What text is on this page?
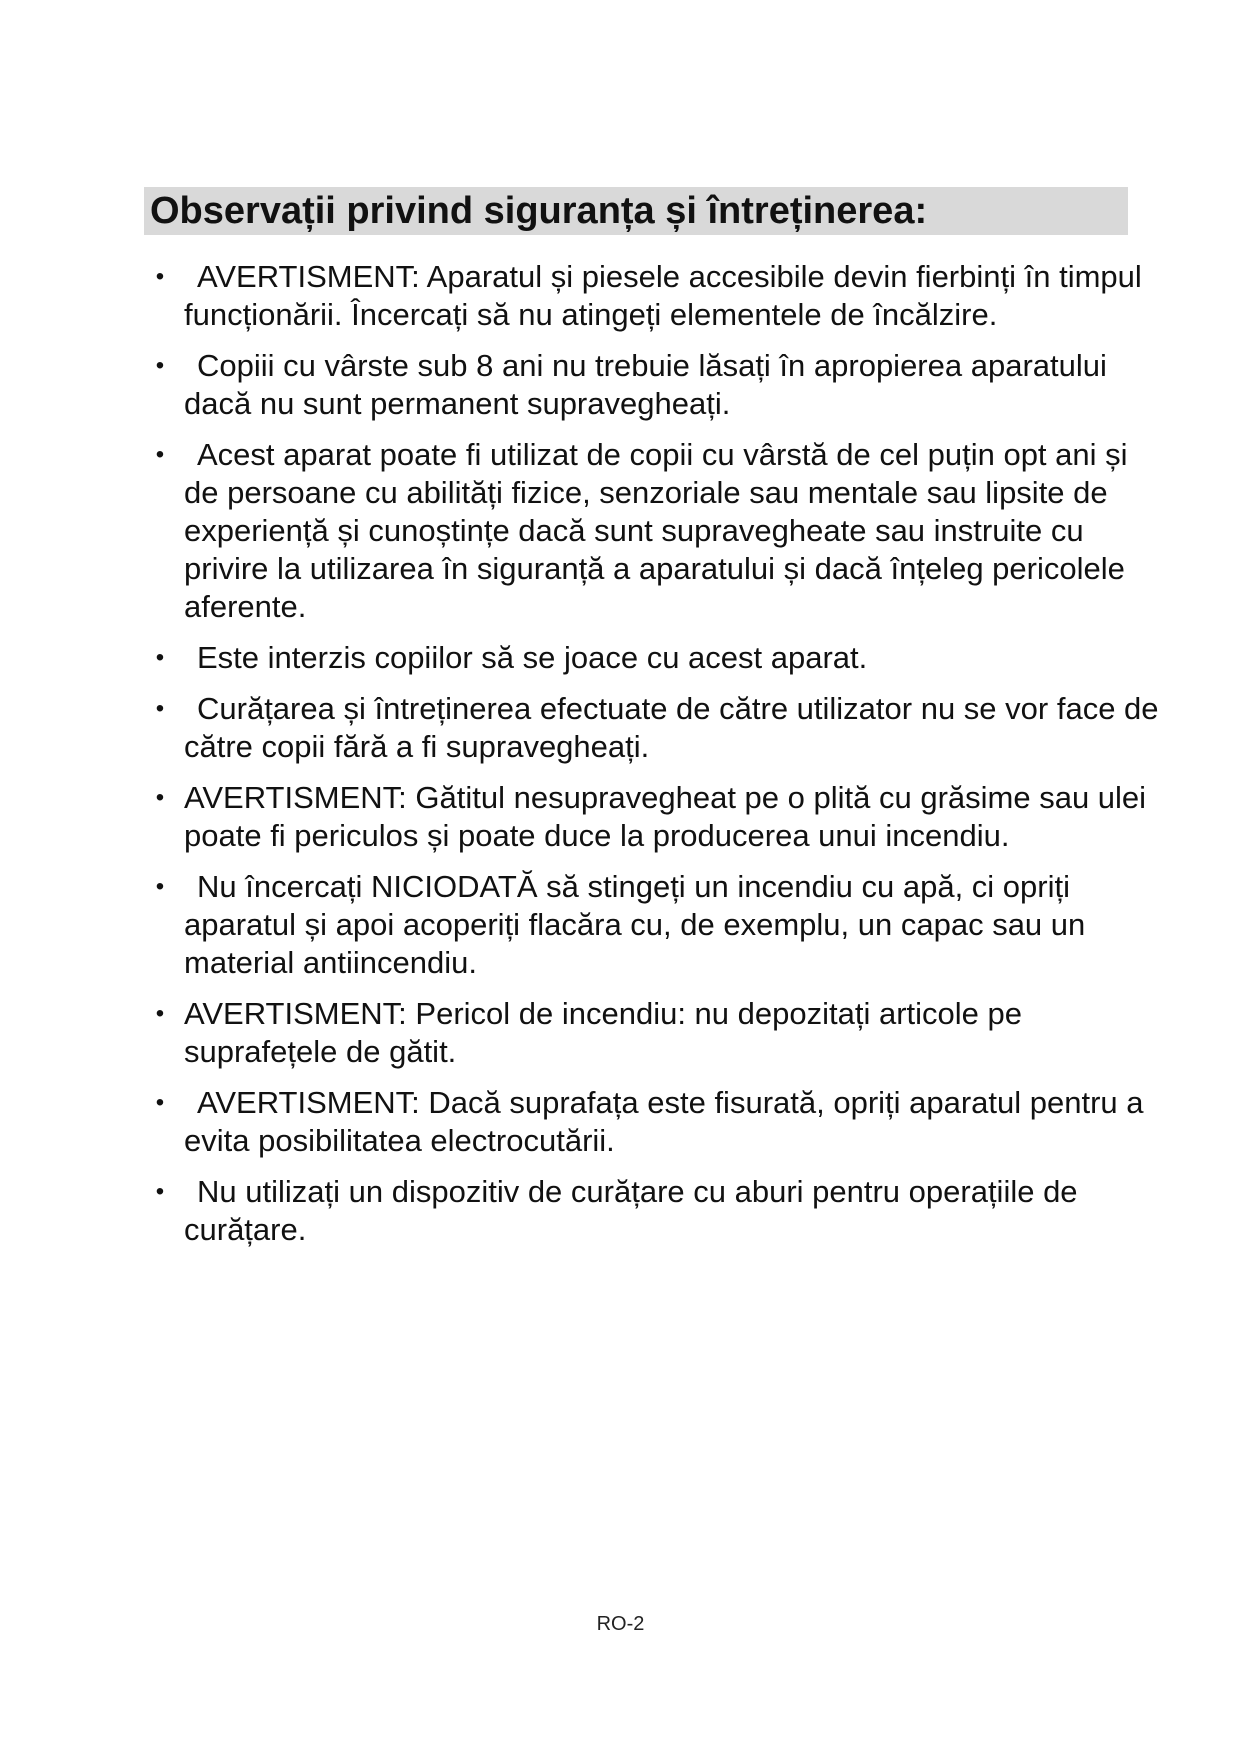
Observații privind siguranța și întreținerea:
• AVERTISMENT: Aparatul și piesele accesibile devin fierbinți în timpul funcționării. Încercați să nu atingeți elementele de încălzire.
• Copiii cu vârste sub 8 ani nu trebuie lăsați în apropierea aparatului dacă nu sunt permanent supravegheați.
• Acest aparat poate fi utilizat de copii cu vârstă de cel puțin opt ani și de persoane cu abilități fizice, senzoriale sau mentale sau lipsite de experiență și cunoștințe dacă sunt supravegheate sau instruite cu privire la utilizarea în siguranță a aparatului și dacă înțeleg pericolele aferente.
• Este interzis copiilor să se joace cu acest aparat.
• Curățarea și întreținerea efectuate de către utilizator nu se vor face de către copii fără a fi supravegheați.
• AVERTISMENT: Gătitul nesupravegheat pe o plită cu grăsime sau ulei poate fi periculos și poate duce la producerea unui incendiu.
• Nu încercați NICIODATĂ să stingeți un incendiu cu apă, ci opriți aparatul și apoi acoperiți flacăra cu, de exemplu, un capac sau un material antiincendiu.
• AVERTISMENT: Pericol de incendiu: nu depozitați articole pe suprafețele de gătit.
• AVERTISMENT: Dacă suprafața este fisurată, opriți aparatul pentru a evita posibilitatea electrocutării.
• Nu utilizați un dispozitiv de curățare cu aburi pentru operațiile de curățare.
RO-2
